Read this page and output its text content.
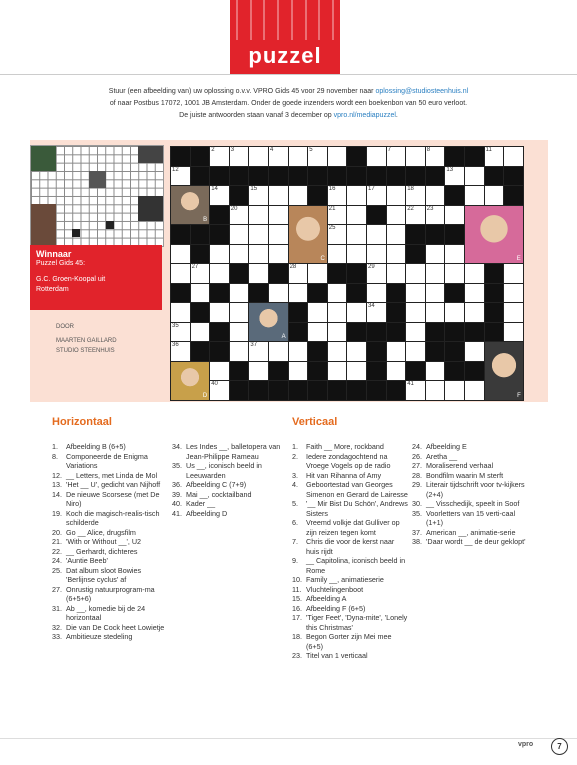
puzzel
Stuur (een afbeelding van) uw oplossing o.v.v. VPRO Gids 45 voor 29 november naar oplossing@studiosteenhuis.nl
of naar Postbus 17072, 1001 JB Amsterdam. Onder de goede inzenders wordt een boekenbon van 50 euro verloot.
De juiste antwoorden staan vanaf 3 december op vpro.nl/mediapuzzel.
Winnaar
Puzzel Gids 45:
G.C. Groen-Koopal uit
Rotterdam
DOOR
MAARTEN GAILLARD
STUDIO STEENHUIS
2	3	4	5	7	8	11
12	13
14	15	16	17	18
20	21	22 23
25
27	28	29
34
35
36	37
40	41
B
C	E
A
F
D
Horizontaal	Verticaal
1.	Afbeelding B (6+5)
8.	Componeerde de Enigma Variations
12. __ Letters, met Linda de Mol
13. 'Het __ U', gedicht van Nijhoff
14. De nieuwe Scorsese (met De Niro)
19. Koch die magisch-realis-tisch schilderde
20. Go __ Alice, drugsfilm
21. 'With or Without __', U2
22. __ Gerhardt, dichteres
24. 'Auntie Beeb'
25. Dat album sloot Bowies 'Berlijnse cyclus' af
27. Onrustig natuurprogram-ma (6+5+6)
31. Ab __, komedie bij de 24 horizontaal
32. Die van De Cock heet Lowietje
33. Ambitieuze stedeling
34. Les Indes __, balletopera van Jean-Philippe Rameau
35. Us __, iconisch beeld in Leeuwarden
36. Afbeelding C (7+9)
39. Mai __, cocktailband
40. Kader __
41. Afbeelding D
1.	Faith __ More, rockband
2.	Iedere zondagochtend na Vroege Vogels op de radio
3.	Hit van Rihanna of Amy
4.	Geboortestad van Georges Simenon en Gerard de Lairesse
5.	'__ Mir Bist Du Schön', Andrews Sisters
6.	Vreemd volkje dat Gulliver op zijn reizen tegen komt
7.	Chris die voor de kerst naar huis rijdt
9.	__ Capitolina, iconisch beeld in Rome
10. Family __, animatieserie
11. Vluchtelingenboot
15. Afbeelding A
16. Afbeelding F (6+5)
17. 'Tiger Feet', 'Dyna-mite', 'Lonely this Christmas'
18. Begon Gorter zijn Mei mee (6+5)
23. Titel van 1 verticaal
24. Afbeelding E
26. Aretha __
27. Moraliserend verhaal
28. Bondfilm waarin M sterft
29. Literair tijdschrift voor tv-kijkers (2+4)
30. __ Visschedijk, speelt in Soof
35. Voorletters van 15 verti-caal (1+1)
37. American __, animatie-serie
38. 'Daar wordt __ de deur geklopt'
vpro	7
